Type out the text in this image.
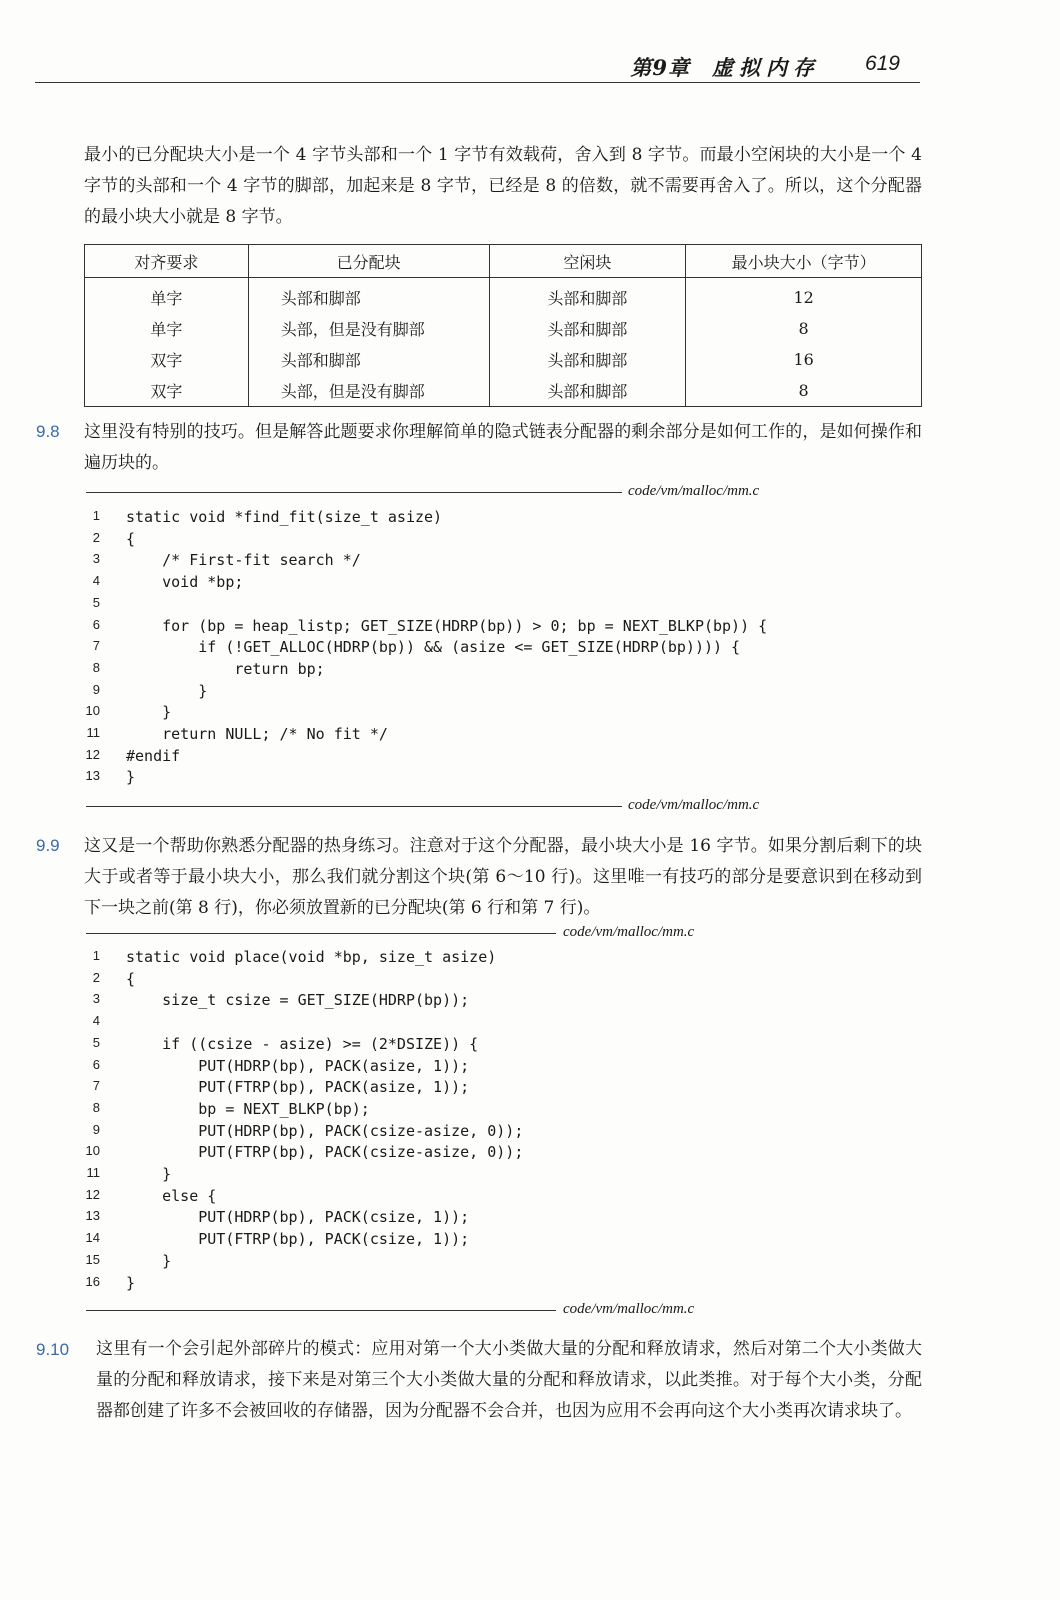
第9章 虚拟内存 619

最小的已分配块大小是一个 4 字节头部和一个 1 字节有效载荷，舍入到 8 字节。而最小空闲块的大小是一个 4 字节的头部和一个 4 字节的脚部，加起来是 8 字节，已经是 8 的倍数，就不需要再舍入了。所以，这个分配器的最小块大小就是 8 字节。

对齐要求	已分配块	空闲块	最小块大小（字节）
单字	头部和脚部	头部和脚部	12
单字	头部，但是没有脚部	头部和脚部	8
双字	头部和脚部	头部和脚部	16
双字	头部，但是没有脚部	头部和脚部	8
9.8 这里没有特别的技巧。但是解答此题要求你理解简单的隐式链表分配器的剩余部分是如何工作的，是如何操作和遍历块的。

code/vm/malloc/mm.c
1 static void *find_fit(size_t asize)
2 {
3 /* First-fit search */
4 void *bp;
5
6 for (bp = heap_listp; GET_SIZE(HDRP(bp)) > 0; bp = NEXT_BLKP(bp)) {
7 if (!GET_ALLOC(HDRP(bp)) && (asize <= GET_SIZE(HDRP(bp)))) {
8 return bp;
9 }
10 }
11 return NULL; /* No fit */
12 #endif
13 }
code/vm/malloc/mm.c
9.9 这又是一个帮助你熟悉分配器的热身练习。注意对于这个分配器，最小块大小是 16 字节。如果分割后剩下的块大于或者等于最小块大小，那么我们就分割这个块(第 6～10 行)。这里唯一有技巧的部分是要意识到在移动到下一块之前(第 8 行)，你必须放置新的已分配块(第 6 行和第 7 行)。

code/vm/malloc/mm.c
1 static void place(void *bp, size_t asize)
2 {
3 size_t csize = GET_SIZE(HDRP(bp));
4
5 if ((csize - asize) >= (2*DSIZE)) {
6 PUT(HDRP(bp), PACK(asize, 1));
7 PUT(FTRP(bp), PACK(asize, 1));
8 bp = NEXT_BLKP(bp);
9 PUT(HDRP(bp), PACK(csize-asize, 0));
10 PUT(FTRP(bp), PACK(csize-asize, 0));
11 }
12 else {
13 PUT(HDRP(bp), PACK(csize, 1));
14 PUT(FTRP(bp), PACK(csize, 1));
15 }
16 }
code/vm/malloc/mm.c
9.10 这里有一个会引起外部碎片的模式：应用对第一个大小类做大量的分配和释放请求，然后对第二个大小类做大量的分配和释放请求，接下来是对第三个大小类做大量的分配和释放请求，以此类推。对于每个大小类，分配器都创建了许多不会被回收的存储器，因为分配器不会合并，也因为应用不会再向这个大小类再次请求块了。
